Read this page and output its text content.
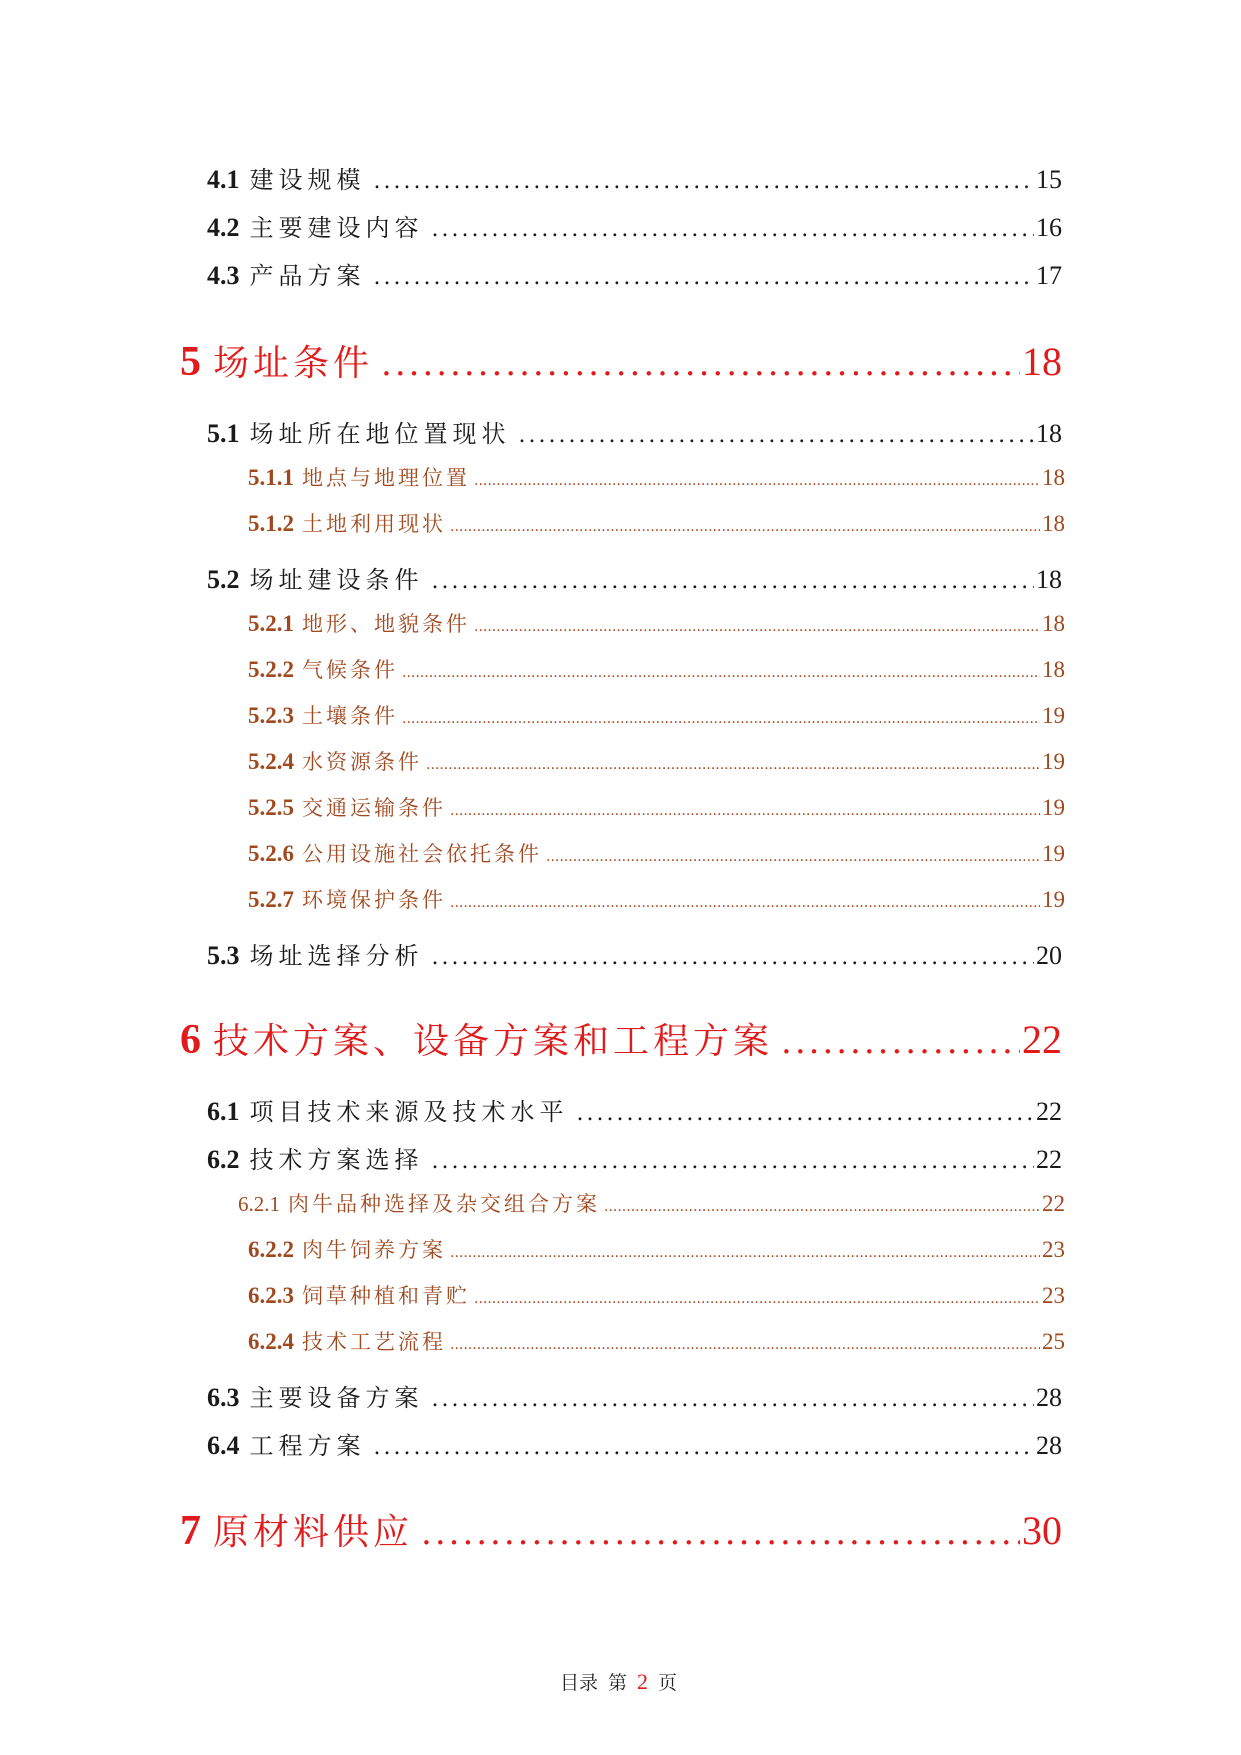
4.1 建设规模 .....	15
4.2 主要建设内容 .....	16
4.3 产品方案 .....	17
5 场址条件 .....	18
5.1 场址所在地位置现状 .....	18
5.1.1 地点与地理位置 .....	18
5.1.2 土地利用现状 .....	18
5.2 场址建设条件 .....	18
5.2.1 地形、地貌条件 .....	18
5.2.2 气候条件 .....	18
5.2.3 土壤条件 .....	19
5.2.4 水资源条件 .....	19
5.2.5 交通运输条件 .....	19
5.2.6 公用设施社会依托条件 .....	19
5.2.7 环境保护条件 .....	19
5.3 场址选择分析 .....	20
6 技术方案、设备方案和工程方案 .....	22
6.1 项目技术来源及技术水平 .....	22
6.2 技术方案选择 .....	22
6.2.1 肉牛品种选择及杂交组合方案 .....	22
6.2.2 肉牛饲养方案 .....	23
6.2.3 饲草种植和青贮 .....	23
6.2.4 技术工艺流程 .....	25
6.3 主要设备方案 .....	28
6.4 工程方案 .....	28
7 原材料供应 .....	30
目录 第 2 页
